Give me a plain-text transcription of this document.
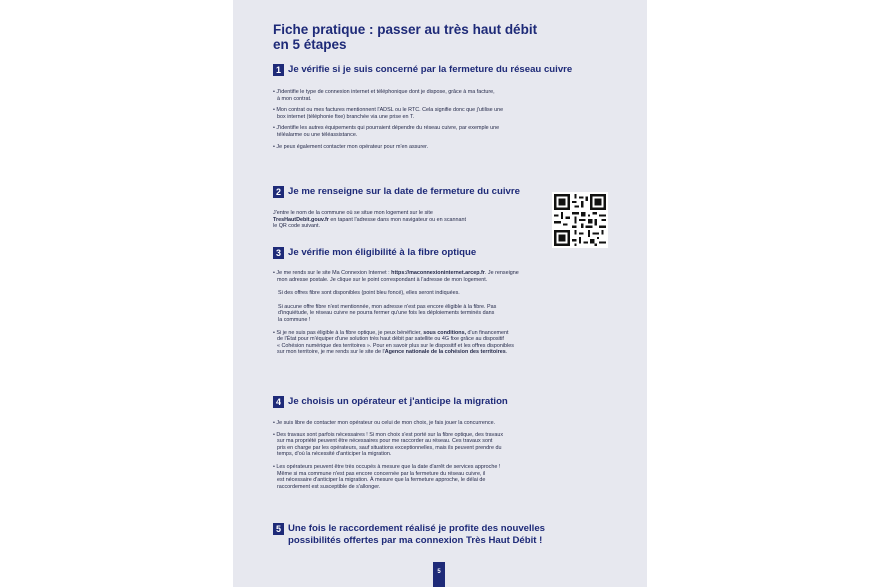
Fiche pratique : passer au très haut débit
en 5 étapes
1 Je vérifie si je suis concerné par la fermeture du réseau cuivre

• J'identifie le type de connexion internet et téléphonique dont je dispose, grâce à ma facture,

à mon contrat.

• Mon contrat ou mes factures mentionnent l'ADSL ou le RTC. Cela signifie donc que j'utilise une

box internet (téléphonie fixe) branchée via une prise en T.

• J'identifie les autres équipements qui pourraient dépendre du réseau cuivre, par exemple une

téléalarme ou une téléassistance.

• Je peux également contacter mon opérateur pour m'en assurer.

2 Je me renseigne sur la date de fermeture du cuivre

J'entre le nom de la commune où se situe mon logement sur le site

TresHautDebit.gouv.fr en tapant l'adresse dans mon navigateur ou en scannant

le QR code suivant.

3 Je vérifie mon éligibilité à la fibre optique

• Je me rends sur le site Ma Connexion Internet : https://maconnexioninternet.arcep.fr. Je renseigne

mon adresse postale. Je clique sur le point correspondant à l'adresse de mon logement.

Si des offres fibre sont disponibles (point bleu foncé), elles seront indiquées.

Si aucune offre fibre n'est mentionnée, mon adresse n'est pas encore éligible à la fibre. Pas

d'inquiétude, le réseau cuivre ne pourra fermer qu'une fois les déploiements terminés dans

la commune !

• Si je ne suis pas éligible à la fibre optique, je peux bénéficier, sous conditions, d'un financement

de l'État pour m'équiper d'une solution très haut débit par satellite ou 4G fixe grâce au dispositif

« Cohésion numérique des territoires ». Pour en savoir plus sur le dispositif et les offres disponibles

sur mon territoire, je me rends sur le site de l'Agence nationale de la cohésion des territoires.

4 Je choisis un opérateur et j'anticipe la migration

• Je suis libre de contacter mon opérateur ou celui de mon choix, je fais jouer la concurrence.

• Des travaux sont parfois nécessaires ! Si mon choix s'est porté sur la fibre optique, des travaux

sur ma propriété peuvent être nécessaires pour me raccorder au réseau. Ces travaux sont

pris en charge par les opérateurs, sauf situations exceptionnelles, mais ils peuvent prendre du

temps, d'où la nécessité d'anticiper la migration.

• Les opérateurs peuvent être très occupés à mesure que la date d'arrêt de services approche !

Même si ma commune n'est pas encore concernée par la fermeture du réseau cuivre, il

est nécessaire d'anticiper la migration. À mesure que la fermeture approche, le délai de

raccordement est susceptible de s'allonger.

5 Une fois le raccordement réalisé je profite des nouvelles
possibilités offertes par ma connexion Très Haut Débit !
5
